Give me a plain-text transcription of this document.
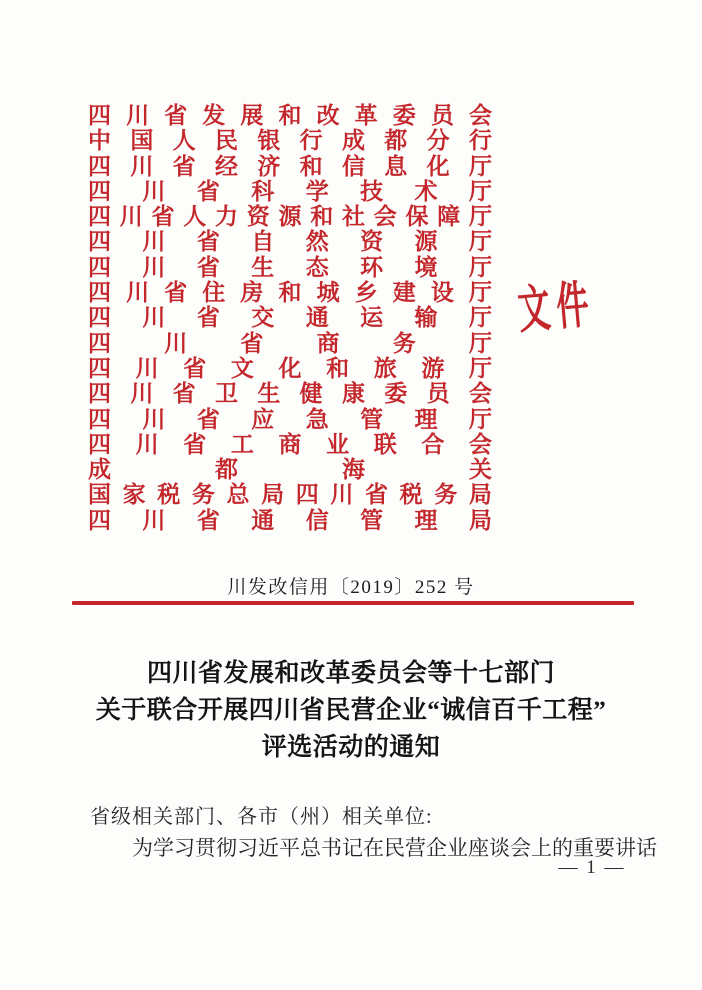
四 川 省 发 展 和 改 革 委 员 会
中 国 人 民 银 行 成 都 分 行
四 川 省 经 济 和 信 息 化 厅
四 川 省 科 学 技 术 厅
四 川 省 人 力 资 源 和 社 会 保 障 厅
四 川 省 自 然 资 源 厅
四 川 省 生 态 环 境 厅
四 川 省 住 房 和 城 乡 建 设 厅
四 川 省 交 通 运 输 厅
四 川 省 商 务 厅
四 川 省 文 化 和 旅 游 厅
四 川 省 卫 生 健 康 委 员 会
四 川 省 应 急 管 理 厅
四 川 省 工 商 业 联 合 会
成	都	海	关
国 家 税 务 总 局 四 川 省 税 务 局
四 川 省 通 信 管 理 局
文件
川发改信用〔2019〕252 号
四川省发展和改革委员会等十七部门
关于联合开展四川省民营企业“诚信百千工程”
评选活动的通知
省级相关部门、各市（州）相关单位:
为学习贯彻习近平总书记在民营企业座谈会上的重要讲话
— 1 —
